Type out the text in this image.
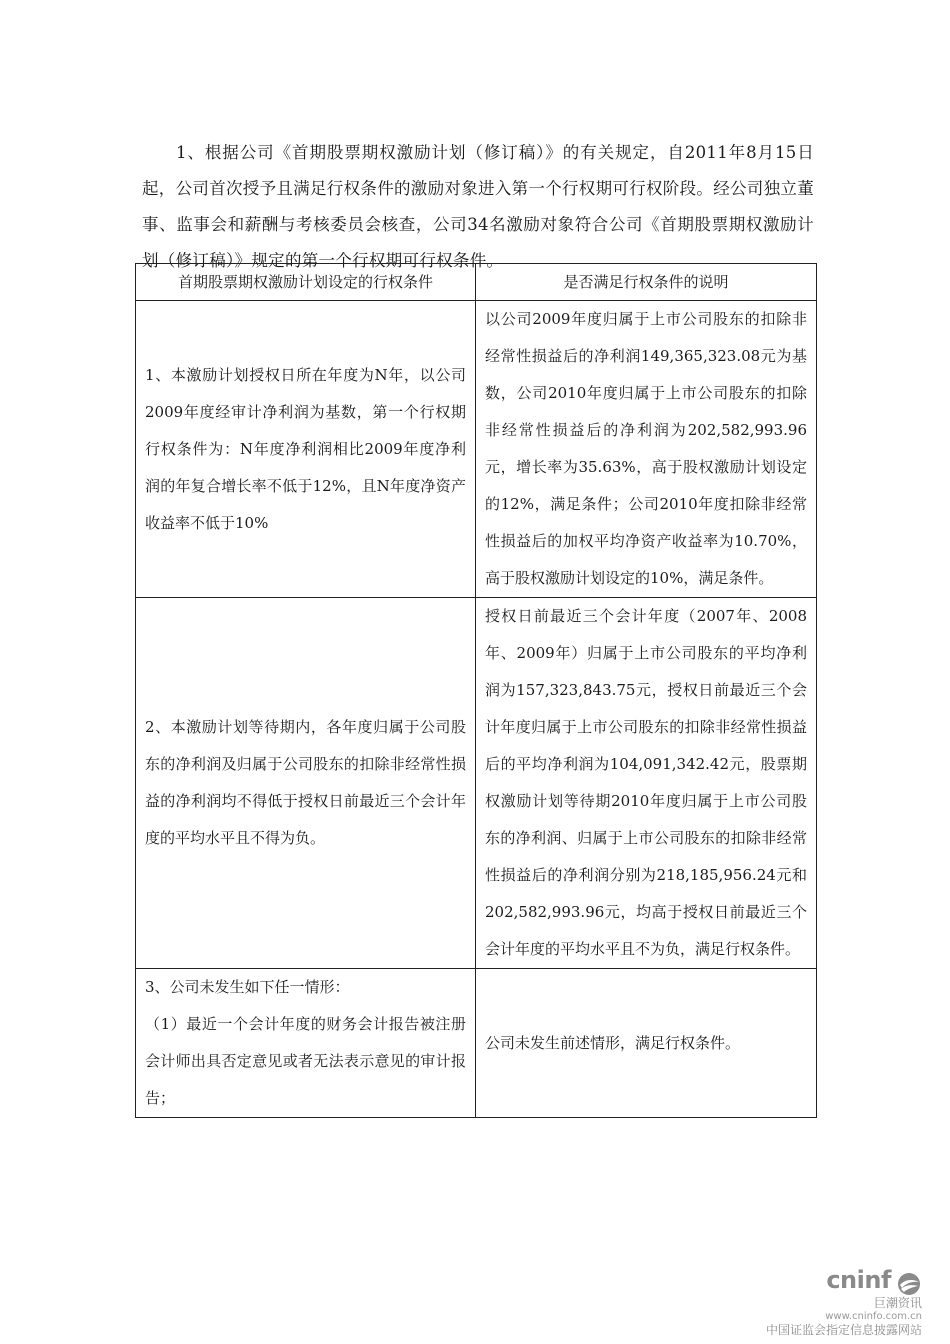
1、根据公司《首期股票期权激励计划（修订稿）》的有关规定，自2011年8月15日起，公司首次授予且满足行权条件的激励对象进入第一个行权期可行权阶段。经公司独立董事、监事会和薪酬与考核委员会核查，公司34名激励对象符合公司《首期股票期权激励计划（修订稿）》规定的第一个行权期可行权条件。

首期股票期权激励计划设定的行权条件	是否满足行权条件的说明
1、本激励计划授权日所在年度为N年，以公司2009年度经审计净利润为基数，第一个行权期行权条件为：N年度净利润相比2009年度净利润的年复合增长率不低于12%，且N年度净资产收益率不低于10%	以公司2009年度归属于上市公司股东的扣除非经常性损益后的净利润149,365,323.08元为基数，公司2010年度归属于上市公司股东的扣除非经常性损益后的净利润为202,582,993.96元，增长率为35.63%，高于股权激励计划设定的12%，满足条件；公司2010年度扣除非经常性损益后的加权平均净资产收益率为10.70%，高于股权激励计划设定的10%，满足条件。
2、本激励计划等待期内，各年度归属于公司股东的净利润及归属于公司股东的扣除非经常性损益的净利润均不得低于授权日前最近三个会计年度的平均水平且不得为负。	授权日前最近三个会计年度（2007年、2008年、2009年）归属于上市公司股东的平均净利润为157,323,843.75元，授权日前最近三个会计年度归属于上市公司股东的扣除非经常性损益后的平均净利润为104,091,342.42元，股票期权激励计划等待期2010年度归属于上市公司股东的净利润、归属于上市公司股东的扣除非经常性损益后的净利润分别为218,185,956.24元和202,582,993.96元，均高于授权日前最近三个会计年度的平均水平且不为负，满足行权条件。

3、公司未发生如下任一情形：
（1）最近一个会计年度的财务会计报告被注册会计师出具否定意见或者无法表示意见的审计报告；	公司未发生前述情形，满足行权条件。
cninf
巨潮资讯
www.cninfo.com.cn
中国证监会指定信息披露网站
